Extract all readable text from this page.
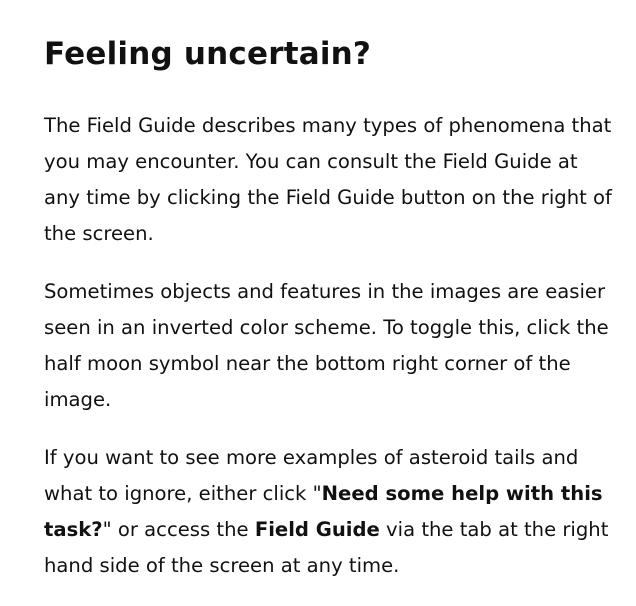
Feeling uncertain?

The Field Guide describes many types of phenomena that you may encounter. You can consult the Field Guide at any time by clicking the Field Guide button on the right of the screen.

Sometimes objects and features in the images are easier seen in an inverted color scheme. To toggle this, click the half moon symbol near the bottom right corner of the image.

If you want to see more examples of asteroid tails and what to ignore, either click "Need some help with this task?" or access the Field Guide via the tab at the right hand side of the screen at any time.
